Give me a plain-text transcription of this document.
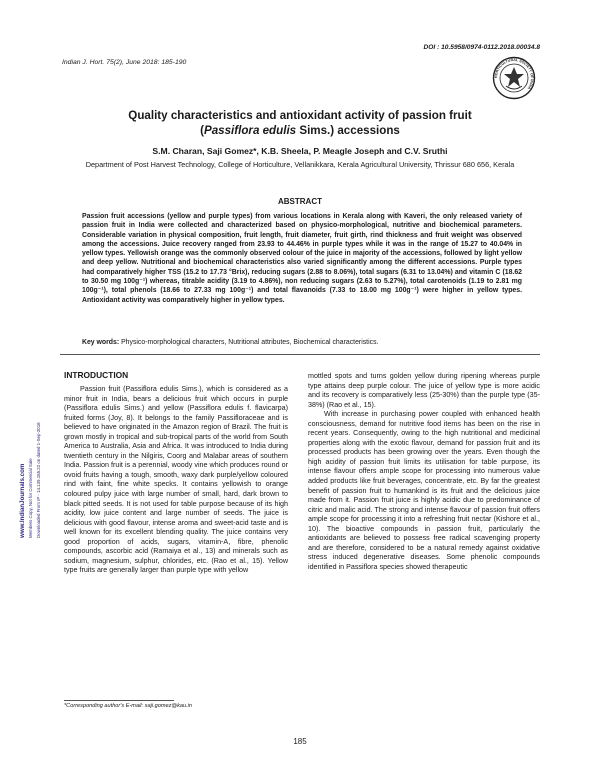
DOI : 10.5958/0974-0112.2018.00034.8
Indian J. Hort. 75(2), June 2018: 185-190
HORTICULTURAL SOCIETY OF INDIA
Quality characteristics and antioxidant activity of passion fruit
(Passiflora edulis Sims.) accessions
S.M. Charan, Saji Gomez*, K.B. Sheela, P. Meagle Joseph and C.V. Sruthi
Department of Post Harvest Technology, College of Horticulture, Vellanikkara, Kerala Agricultural University, Thrissur 680 656, Kerala
ABSTRACT
Passion fruit accessions (yellow and purple types) from various locations in Kerala along with Kaveri, the only released variety of passion fruit in India were collected and characterized based on physico-morphological, nutritive and biochemical parameters. Considerable variation in physical composition, fruit length, fruit diameter, fruit girth, rind thickness and fruit weight was observed among the accessions. Juice recovery ranged from 23.93 to 44.46% in purple types while it was in the range of 15.27 to 40.04% in yellow types. Yellowish orange was the commonly observed colour of the juice in majority of the accessions, followed by light yellow and deep yellow. Nutritional and biochemical characteristics also varied significantly among the different accessions. Purple types had comparatively higher TSS (15.2 to 17.73 °Brix), reducing sugars (2.88 to 8.06%), total sugars (6.31 to 13.04%) and vitamin C (18.62 to 30.50 mg 100g⁻¹) whereas, titrable acidity (3.19 to 4.86%), non reducing sugars (2.63 to 5.27%), total carotenoids (1.19 to 2.81 mg 100g⁻¹), total phenols (18.66 to 27.33 mg 100g⁻¹) and total flavanoids (7.33 to 18.00 mg 100g⁻¹) were higher in yellow types. Antioxidant activity was comparatively higher in yellow types.
Key words: Physico-morphological characters, Nutritional attributes, Biochemical characteristics.
www.IndianJournals.com Members Copy, Not for Commercial Sale Downloaded From IP - 14.139.155.22 on dated 1-Sep-2018
INTRODUCTION

Passion fruit (Passiflora edulis Sims.), which is considered as a minor fruit in India, bears a delicious fruit which occurs in purple (Passiflora edulis Sims.) and yellow (Passiflora edulis f. flavicarpa) fruited forms (Joy, 8). It belongs to the family Passifloraceae and is believed to have originated in the Amazon region of Brazil. The fruit is grown mostly in tropical and sub-tropical parts of the world from South America to Australia, Asia and Africa. It was introduced to India during twentieth century in the Nilgiris, Coorg and Malabar areas of southern India. Passion fruit is a perennial, woody vine which produces round or ovoid fruits having a tough, smooth, waxy dark purple/yellow coloured rind with faint, fine white specks. It contains yellowish to orange coloured pulpy juice with large number of small, hard, dark brown to black pitted seeds. It is not used for table purpose because of its high acidity, low juice content and large number of seeds. The juice is delicious with good flavour, intense aroma and sweet-acid taste and is well known for its excellent blending quality. The juice contains very good proportion of acids, sugars, vitamin-A, fibre, phenolic compounds, ascorbic acid (Ramaiya et al., 13) and minerals such as sodium, magnesium, sulphur, chlorides, etc. (Rao et al., 15). Yellow type fruits are generally larger than purple type with yellow

mottled spots and turns golden yellow during ripening whereas purple type attains deep purple colour. The juice of yellow type is more acidic and its recovery is comparatively less (25-30%) than the purple type (35-38%) (Rao et al., 15).

With increase in purchasing power coupled with enhanced health consciousness, demand for nutritive food items has been on the rise in recent years. Consequently, owing to the high nutritional and medicinal properties along with the exotic flavour, demand for passion fruit and its processed products has been growing over the years. Even though the high acidity of passion fruit limits its utilisation for table purpose, its intense flavour offers ample scope for processing into numerous value added products like fruit beverages, concentrate, etc. By far the greatest benefit of passion fruit to humankind is its fruit and the delicious juice made from it. Passion fruit juice is highly acidic due to predominance of citric and malic acid. The strong and intense flavour of passion fruit offers ample scope for processing it into a refreshing fruit nectar (Kishore et al., 10). The bioactive compounds in passion fruit, particularly the antioxidants are believed to possess free radical scavenging property and are therefore, considered to be a natural remedy against oxidative stress induced degenerative diseases. Some phenolic compounds identified in Passiflora species showed therapeutic

*Corresponding author's E-mail: saji.gomez@kau.in
185
